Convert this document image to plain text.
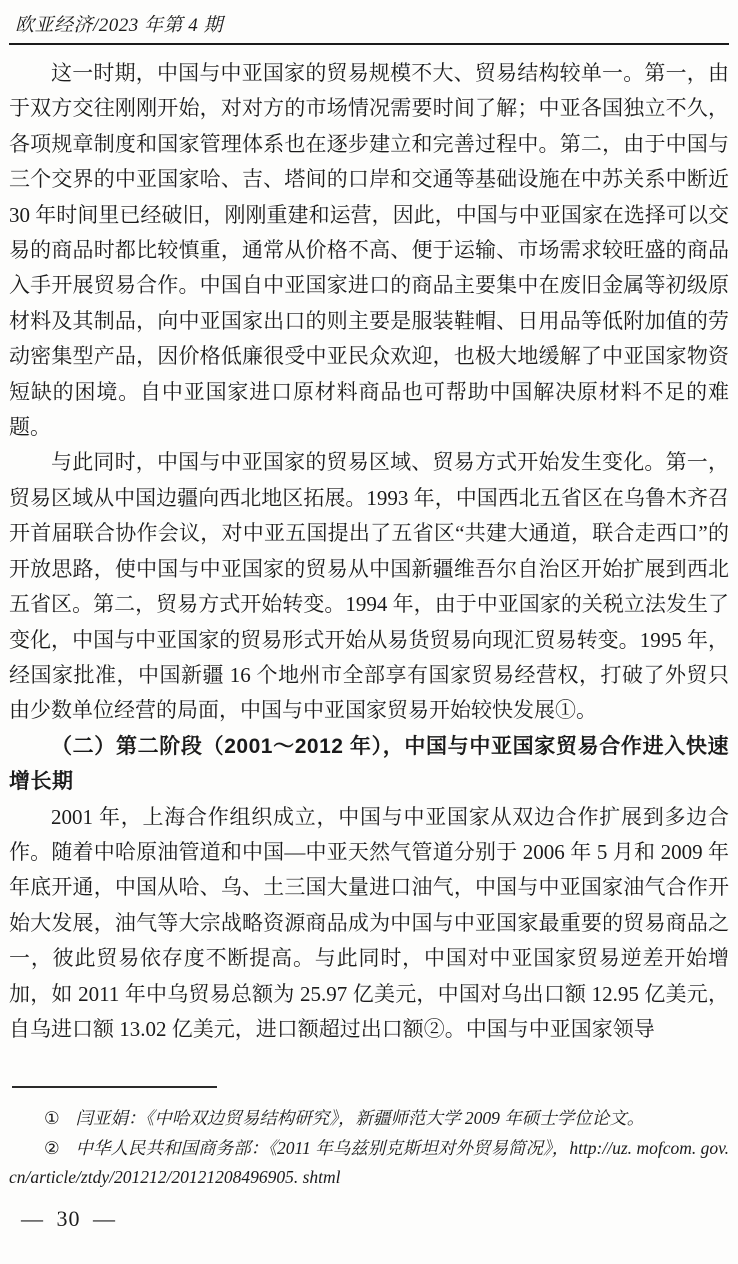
欧亚经济/2023 年第 4 期

这一时期，中国与中亚国家的贸易规模不大、贸易结构较单一。第一，由于双方交往刚刚开始，对对方的市场情况需要时间了解；中亚各国独立不久，各项规章制度和国家管理体系也在逐步建立和完善过程中。第二，由于中国与三个交界的中亚国家哈、吉、塔间的口岸和交通等基础设施在中苏关系中断近 30 年时间里已经破旧，刚刚重建和运营，因此，中国与中亚国家在选择可以交易的商品时都比较慎重，通常从价格不高、便于运输、市场需求较旺盛的商品入手开展贸易合作。中国自中亚国家进口的商品主要集中在废旧金属等初级原材料及其制品，向中亚国家出口的则主要是服装鞋帽、日用品等低附加值的劳动密集型产品，因价格低廉很受中亚民众欢迎，也极大地缓解了中亚国家物资短缺的困境。自中亚国家进口原材料商品也可帮助中国解决原材料不足的难题。

与此同时，中国与中亚国家的贸易区域、贸易方式开始发生变化。第一，贸易区域从中国边疆向西北地区拓展。1993 年，中国西北五省区在乌鲁木齐召开首届联合协作会议，对中亚五国提出了五省区“共建大通道，联合走西口”的开放思路，使中国与中亚国家的贸易从中国新疆维吾尔自治区开始扩展到西北五省区。第二，贸易方式开始转变。1994 年，由于中亚国家的关税立法发生了变化，中国与中亚国家的贸易形式开始从易货贸易向现汇贸易转变。1995 年，经国家批准，中国新疆 16 个地州市全部享有国家贸易经营权，打破了外贸只由少数单位经营的局面，中国与中亚国家贸易开始较快发展①。

（二）第二阶段（2001～2012 年），中国与中亚国家贸易合作进入快速增长期

2001 年，上海合作组织成立，中国与中亚国家从双边合作扩展到多边合作。随着中哈原油管道和中国—中亚天然气管道分别于 2006 年 5 月和 2009 年年底开通，中国从哈、乌、土三国大量进口油气，中国与中亚国家油气合作开始大发展，油气等大宗战略资源商品成为中国与中亚国家最重要的贸易商品之一，彼此贸易依存度不断提高。与此同时，中国对中亚国家贸易逆差开始增加，如 2011 年中乌贸易总额为 25.97 亿美元，中国对乌出口额 12.95 亿美元，自乌进口额 13.02 亿美元，进口额超过出口额②。中国与中亚国家领导

① 闫亚娟：《中哈双边贸易结构研究》，新疆师范大学 2009 年硕士学位论文。

② 中华人民共和国商务部：《2011 年乌兹别克斯坦对外贸易简况》，http://uz. mofcom. gov. cn/article/ztdy/201212/20121208496905. shtml

— 30 —
